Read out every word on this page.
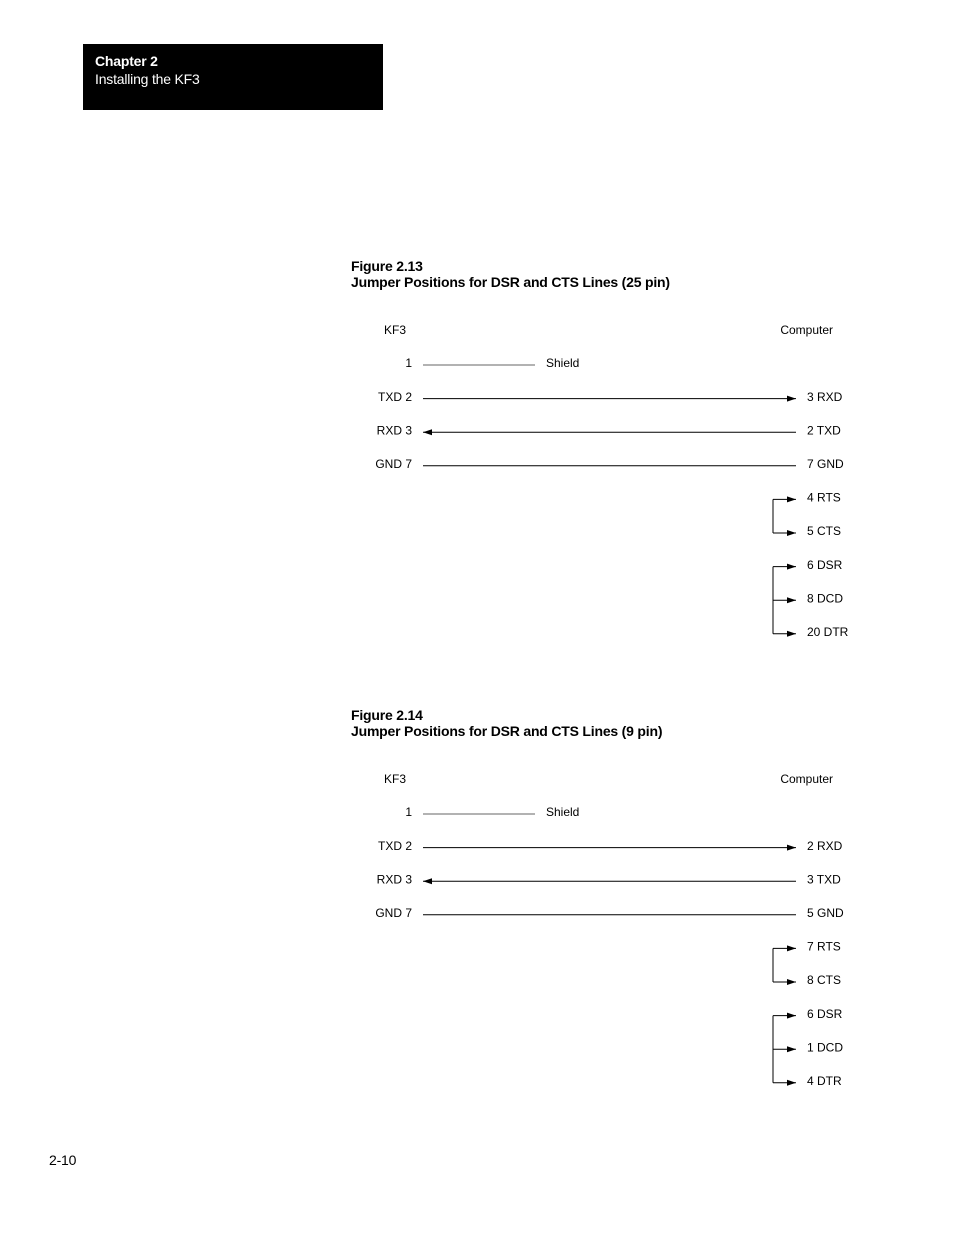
Chapter 2
Installing the KF3
Figure 2.13
Jumper Positions for DSR and CTS Lines (25 pin)
Figure 2.14
Jumper Positions for DSR and CTS Lines (9 pin)
KF3	Computer
1	Shield
TXD 2	3 RXD
RXD 3	2 TXD
GND 7	7 GND
4 RTS
5 CTS
6 DSR
8 DCD
20 DTR
KF3	Computer
1	Shield
TXD 2	2 RXD
RXD 3	3 TXD
GND 7	5 GND
7 RTS
8 CTS
6 DSR
1 DCD
4 DTR
2-10
